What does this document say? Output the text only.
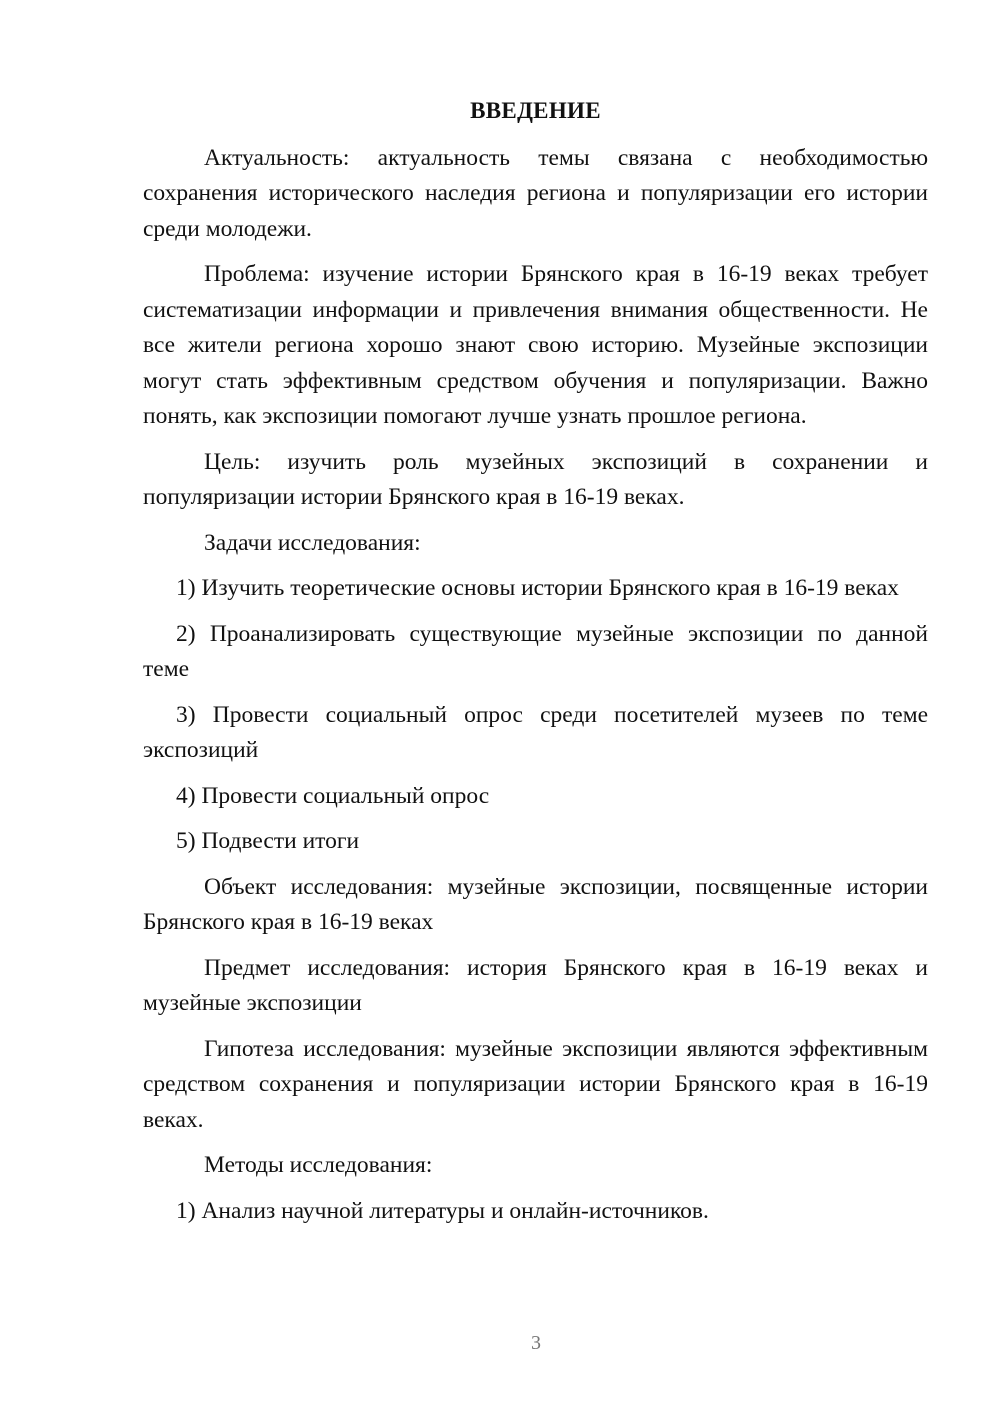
ВВЕДЕНИЕ

Актуальность: актуальность темы связана с необходимостью сохранения исторического наследия региона и популяризации его истории среди молодежи.

Проблема: изучение истории Брянского края в 16-19 веках требует систематизации информации и привлечения внимания общественности. Не все жители региона хорошо знают свою историю. Музейные экспозиции могут стать эффективным средством обучения и популяризации. Важно понять, как экспозиции помогают лучше узнать прошлое региона.

Цель: изучить роль музейных экспозиций в сохранении и популяризации истории Брянского края в 16-19 веках.

Задачи исследования:

1) Изучить теоретические основы истории Брянского края в 16-19 веках

2) Проанализировать существующие музейные экспозиции по данной теме

3) Провести социальный опрос среди посетителей музеев по теме экспозиций

4) Провести социальный опрос

5) Подвести итоги

Объект исследования: музейные экспозиции, посвященные истории Брянского края в 16-19 веках

Предмет исследования: история Брянского края в 16-19 веках и музейные экспозиции

Гипотеза исследования: музейные экспозиции являются эффективным средством сохранения и популяризации истории Брянского края в 16-19 веках.

Методы исследования:

1) Анализ научной литературы и онлайн-источников.

3
